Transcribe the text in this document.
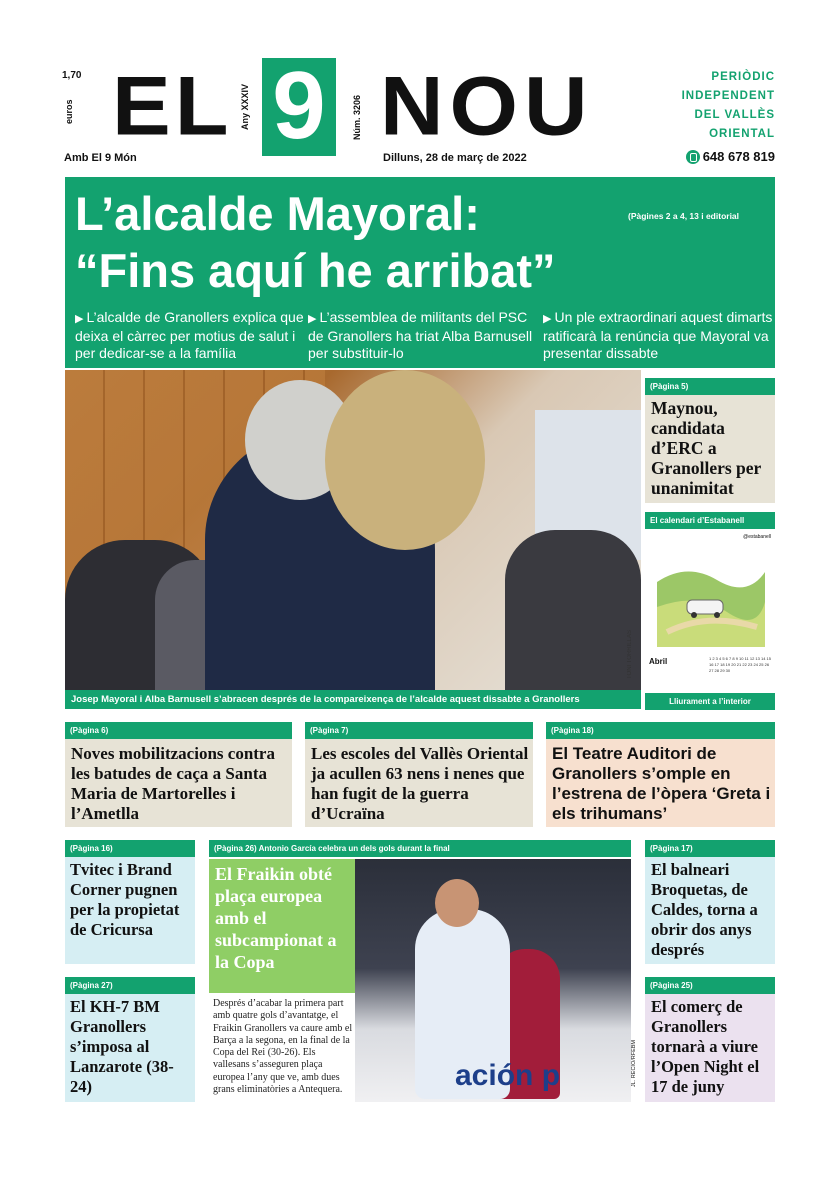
1,70
euros EL Any XXXIV 9	Núm. 3206 NOU	PERIÒDIC
INDEPENDENT
DEL VALLÈS
ORIENTAL
Amb El 9 Món	Dilluns, 28 de març de 2022	648 678 819
L’alcalde Mayoral:
“Fins aquí he arribat”
(Pàgines 2 a 4, 13 i editorial
▶ L’alcalde de Granollers explica que deixa el càrrec per motius de salut i per dedicar-se a la família
▶ L’assemblea de militants del PSC de Granollers ha triat Alba Barnusell per substituir-lo
▶ Un ple extraordinari aquest dimarts ratificarà la renúncia que Mayoral va presentar dissabte
TONI TORRILLAS
Josep Mayoral i Alba Barnusell s’abracen després de la compareixença de l’alcalde aquest dissabte a Granollers
(Pàgina 5)
Maynou, candidata d’ERC a Granollers per unanimitat
El calendari d’Estabanell
@estabanell
Abril	1 2 3 4 5 6 7 8 9 10 11 12 13 14 15 16 17 18 19 20 21 22 23 24 25 26 27 28 29 30
Lliurament a l’interior
(Pàgina 6)
Noves mobilitzacions contra les batudes de caça a Santa Maria de Martorelles i l’Ametlla
(Pàgina 7)
Les escoles del Vallès Oriental ja acullen 63 nens i nenes que han fugit de la guerra d’Ucraïna
(Pàgina 18)
El Teatre Auditori de Granollers s’omple en l’estrena de l’òpera ‘Greta i els trihumans’
(Pàgina 16)
Tvitec i Brand Corner pugnen per la propietat de Cricursa
(Pàgina 27)
El KH-7 BM Granollers s’imposa al Lanzarote (38-24)
(Pàgina 26) Antonio García celebra un dels gols durant la final
El Fraikin obté plaça europea amb el subcampionat a la Copa
Després d’acabar la primera part amb quatre gols d’avantatge, el Fraikin Granollers va caure amb el Barça a la segona, en la final de la Copa del Rei (30-26). Els vallesans s’asseguren plaça europea l’any que ve, amb dues grans eliminatòries a Antequera.	ación p	JL. RECIO/RFEBM
(Pàgina 17)
El balneari Broquetas, de Caldes, torna a obrir dos anys després
(Pàgina 25)
El comerç de Granollers tornarà a viure l’Open Night el 17 de juny
